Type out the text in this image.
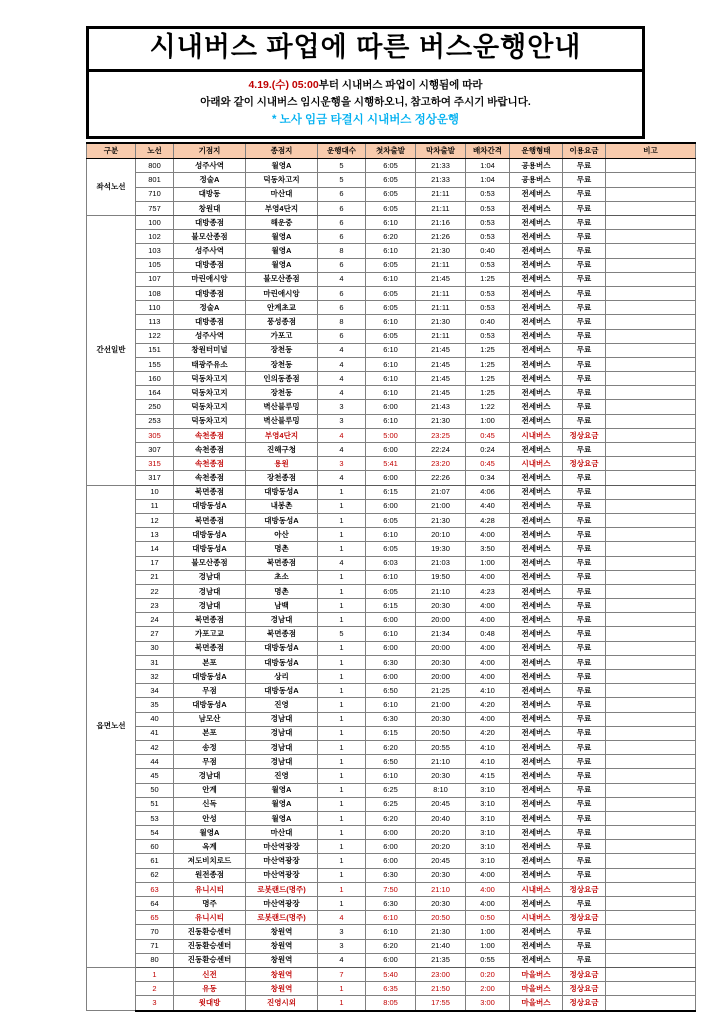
시내버스 파업에 따른 버스운행안내
4.19.(수) 05:00부터 시내버스 파업이 시행됨에 따라
아래와 같이 시내버스 임시운행을 시행하오니, 참고하여 주시기 바랍니다.
* 노사 임금 타결시 시내버스 정상운행
구분	노선	기점지	종점지	운행대수	첫차출발	막차출발	배차간격	운행형태	이용요금	비고
좌석노선	800	성주사역	월영A	5	6:05	21:33	1:04	공용버스	무료	
	801	정술A	덕동차고지	5	6:05	21:33	1:04	공용버스	무료	
	710	대방동	마산대	6	6:05	21:11	0:53	전세버스	무료	
	757	창원대	부영4단지	6	6:05	21:11	0:53	전세버스	무료	
간선일반	100	대방종점	해운중	6	6:10	21:16	0:53	전세버스	무료	
	102	불모산종점	월영A	6	6:20	21:26	0:53	전세버스	무료	
	103	성주사역	월영A	8	6:10	21:30	0:40	전세버스	무료	
	105	대방종점	월영A	6	6:05	21:11	0:53	전세버스	무료	
	107	마린애시앙	불모산종점	4	6:10	21:45	1:25	전세버스	무료	
	108	대방종점	마린애시앙	6	6:05	21:11	0:53	전세버스	무료	
	110	정술A	안계초교	6	6:05	21:11	0:53	전세버스	무료	
	113	대방종점	풍성종점	8	6:10	21:30	0:40	전세버스	무료	
	122	성주사역	가포고	6	6:05	21:11	0:53	전세버스	무료	
	151	창원터미널	장천동	4	6:10	21:45	1:25	전세버스	무료	
	155	태광주유소	장천동	4	6:10	21:45	1:25	전세버스	무료	
	160	덕동차고지	인의동종점	4	6:10	21:45	1:25	전세버스	무료	
	164	덕동차고지	장천동	4	6:10	21:45	1:25	전세버스	무료	
	250	덕동차고지	벽산블루밍	3	6:00	21:43	1:22	전세버스	무료	
	253	덕동차고지	벽산블루밍	3	6:10	21:30	1:00	전세버스	무료	
	305	속천종점	부영4단지	4	5:00	23:25	0:45	시내버스	정상요금	
	307	속천종점	진해구청	4	6:00	22:24	0:24	전세버스	무료	
	315	속천종점	용원	3	5:41	23:20	0:45	시내버스	정상요금	
	317	속천종점	장천종점	4	6:00	22:26	0:34	전세버스	무료	
읍면노선	10	북면종점	대방동성A	1	6:15	21:07	4:06	전세버스	무료	
	11	대방동성A	내봉촌	1	6:00	21:00	4:40	전세버스	무료	
	12	북면종점	대방동성A	1	6:05	21:30	4:28	전세버스	무료	
	13	대방동성A	아산	1	6:10	20:10	4:00	전세버스	무료	
	14	대방동성A	명촌	1	6:05	19:30	3:50	전세버스	무료	
	17	불모산종점	북면종점	4	6:03	21:03	1:00	전세버스	무료	
	21	경남대	초소	1	6:10	19:50	4:00	전세버스	무료	
	22	경남대	명촌	1	6:05	21:10	4:23	전세버스	무료	
	23	경남대	남백	1	6:15	20:30	4:00	전세버스	무료	
	24	북면종점	경남대	1	6:00	20:00	4:00	전세버스	무료	
	27	가포고교	북면종점	5	6:10	21:34	0:48	전세버스	무료	
	30	북면종점	대방동성A	1	6:00	20:00	4:00	전세버스	무료	
	31	본포	대방동성A	1	6:30	20:30	4:00	전세버스	무료	
	32	대방동성A	상리	1	6:00	20:00	4:00	전세버스	무료	
	34	무점	대방동성A	1	6:50	21:25	4:10	전세버스	무료	
	35	대방동성A	진영	1	6:10	21:00	4:20	전세버스	무료	
	40	남모산	경남대	1	6:30	20:30	4:00	전세버스	무료	
	41	본포	경남대	1	6:15	20:50	4:20	전세버스	무료	
	42	송정	경남대	1	6:20	20:55	4:10	전세버스	무료	
	44	무점	경남대	1	6:50	21:10	4:10	전세버스	무료	
	45	경남대	진영	1	6:10	20:30	4:15	전세버스	무료	
	50	안계	월영A	1	6:25	8:10	3:10	전세버스	무료	
	51	신독	월영A	1	6:25	20:45	3:10	전세버스	무료	
	53	안성	월영A	1	6:20	20:40	3:10	전세버스	무료	
	54	월영A	마산대	1	6:00	20:20	3:10	전세버스	무료	
	60	옥계	마산역광장	1	6:00	20:20	3:10	전세버스	무료	
	61	저도비치로드	마산역광장	1	6:00	20:45	3:10	전세버스	무료	
	62	원전종점	마산역광장	1	6:30	20:30	4:00	전세버스	무료	
	63	유니시티	로봇랜드(명주)	1	7:50	21:10	4:00	시내버스	정상요금	
	64	명주	마산역광장	1	6:30	20:30	4:00	전세버스	무료	
	65	유니시티	로봇랜드(명주)	4	6:10	20:50	0:50	시내버스	정상요금	
	70	진동환승센터	창원역	3	6:10	21:30	1:00	전세버스	무료	
	71	진동환승센터	창원역	3	6:20	21:40	1:00	전세버스	무료	
	80	진동환승센터	창원역	4	6:00	21:35	0:55	전세버스	무료	
	1	신전	창원역	7	5:40	23:00	0:20	마을버스	정상요금	
	2	유동	창원역	1	6:35	21:50	2:00	마을버스	정상요금	
	3	윗대방	진영시외	1	8:05	17:55	3:00	마을버스	정상요금	
